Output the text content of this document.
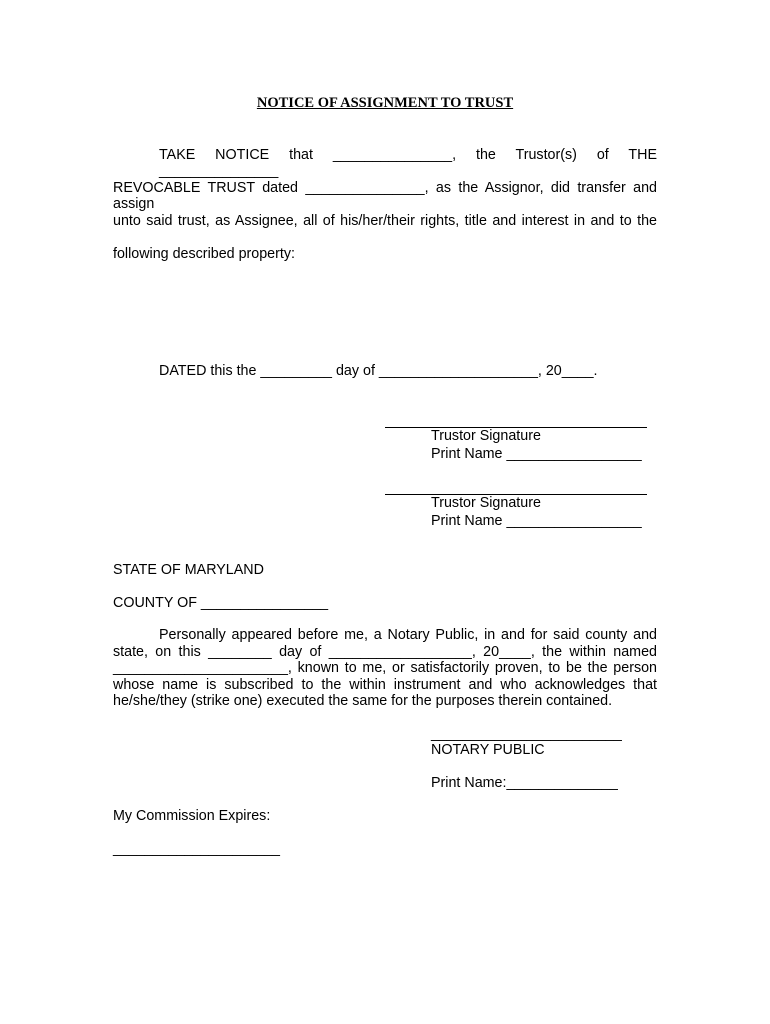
NOTICE OF ASSIGNMENT TO TRUST
TAKE NOTICE that _______________, the Trustor(s) of THE _______________
REVOCABLE TRUST dated _______________, as the Assignor, did transfer and assign
unto said trust, as Assignee, all of his/her/their rights, title and interest in and to the
following described property:
DATED this the _________ day of ____________________, 20____.
Trustor Signature
Print Name _________________
Trustor Signature
Print Name _________________
STATE OF MARYLAND
COUNTY OF ________________
Personally appeared before me, a Notary Public, in and for said county and
state, on this ________ day of __________________, 20____, the within named
______________________, known to me, or satisfactorily proven, to be the person
whose name is subscribed to the within instrument and who acknowledges that
he/she/they (strike one) executed the same for the purposes therein contained.
________________________
NOTARY PUBLIC
Print Name:______________
My Commission Expires:
_____________________
